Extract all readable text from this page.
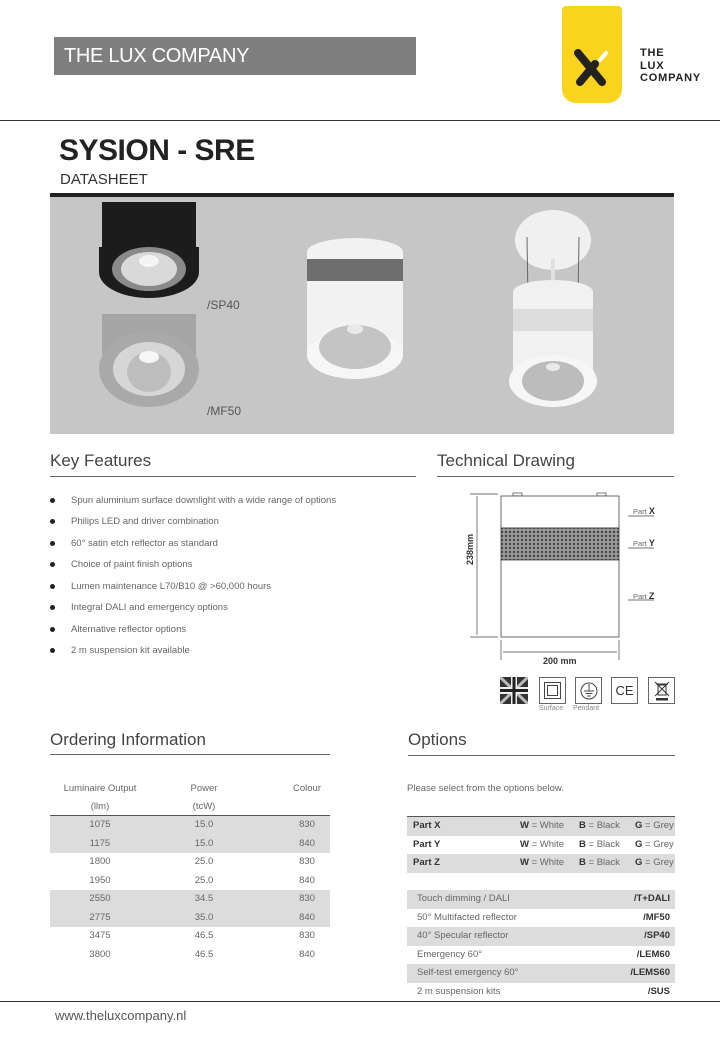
THE LUX COMPANY	THE
LUX
COMPANY
SYSION - SRE
DATASHEET
/SP40
/MF50
Key Features
Spun aluminium surface downlight with a wide range of options
Philips LED and driver combination
60° satin etch reflector as standard
Choice of paint finish options
Lumen maintenance L70/B10 @ >60,000 hours
Integral DALI and emergency options
Alternative reflector options
2 m suspension kit available
Technical Drawing
238mm
200 mm
Part X
Part Y
Part Z
Surface Pendant
CE
Ordering Information
Luminaire Output	Power	Colour
(llm)	(tcW)
1075	15.0	830
1175	15.0	840
1800	25.0	830
1950	25.0	840
2550	34.5	830
2775	35.0	840
3475	46.5	830
3800	46.5	840
Options
Please select from the options below.
Part X	W = White B = Black G = Grey
Part Y	W = White B = Black G = Grey
Part Z	W = White B = Black G = Grey
Touch dimming / DALI	/T+DALI
50° Multifacted reflector	/MF50
40° Specular reflector	/SP40
Emergency 60°	/LEM60
Self-test emergency 60°	/LEMS60
2 m suspension kits	/SUS
www.theluxcompany.nl
